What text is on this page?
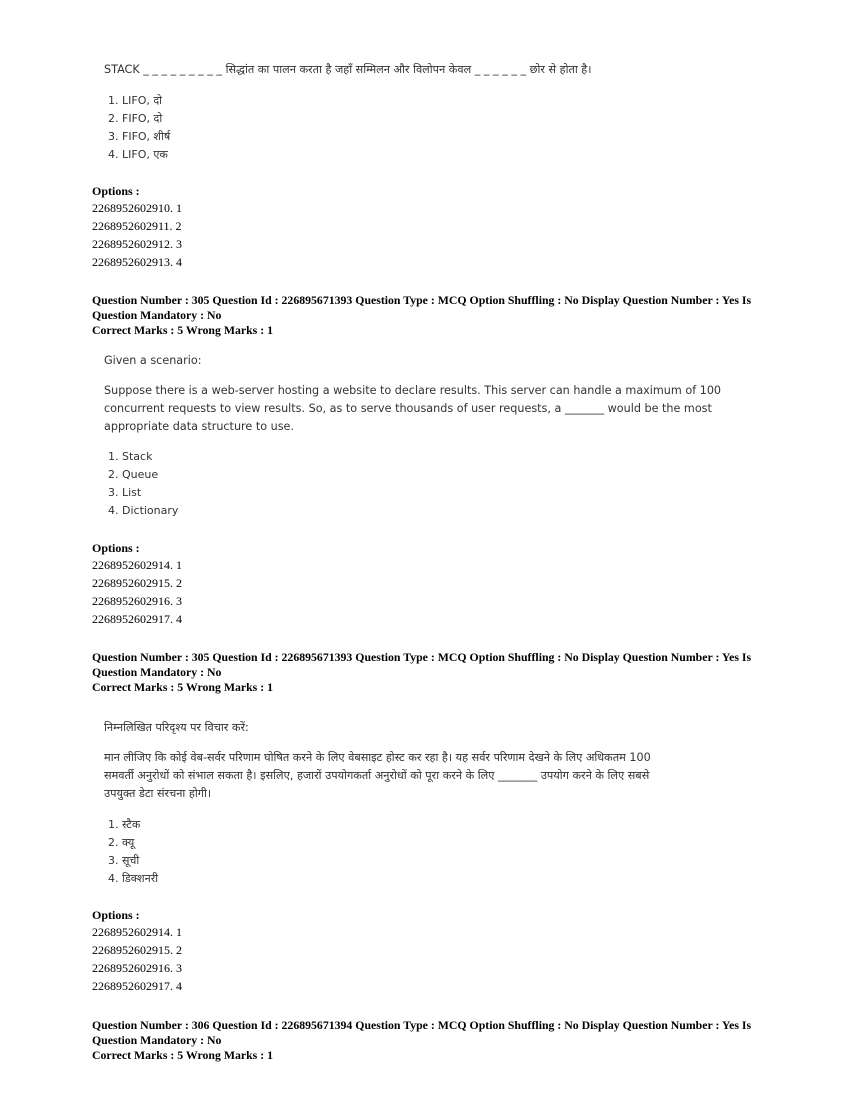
STACK _ _ _ _ _ _ _ _ _ सिद्धांत का पालन करता है जहाँ सम्मिलन और विलोपन केवल _ _ _ _ _ _ छोर से होता है।
1. LIFO, दो
2. FIFO, दो
3. FIFO, शीर्ष
4. LIFO, एक
Options :
2268952602910. 1
2268952602911. 2
2268952602912. 3
2268952602913. 4
Question Number : 305 Question Id : 226895671393 Question Type : MCQ Option Shuffling : No Display Question Number : Yes Is Question Mandatory : No
Correct Marks : 5 Wrong Marks : 1
Given a scenario:
Suppose there is a web-server hosting a website to declare results. This server can handle a maximum of 100
concurrent requests to view results. So, as to serve thousands of user requests, a _______ would be the most
appropriate data structure to use.
1. Stack
2. Queue
3. List
4. Dictionary
Options :
2268952602914. 1
2268952602915. 2
2268952602916. 3
2268952602917. 4
Question Number : 305 Question Id : 226895671393 Question Type : MCQ Option Shuffling : No Display Question Number : Yes Is Question Mandatory : No
Correct Marks : 5 Wrong Marks : 1
निम्नलिखित परिदृश्य पर विचार करें:
मान लीजिए कि कोई वेब-सर्वर परिणाम घोषित करने के लिए वेबसाइट होस्ट कर रहा है। यह सर्वर परिणाम देखने के लिए अधिकतम 100
समवर्ती अनुरोधों को संभाल सकता है। इसलिए, हजारों उपयोगकर्ता अनुरोधों को पूरा करने के लिए _______ उपयोग करने के लिए सबसे
उपयुक्त डेटा संरचना होगी।
1. स्टैक
2. क्यू
3. सूची
4. डिक्शनरी
Options :
2268952602914. 1
2268952602915. 2
2268952602916. 3
2268952602917. 4
Question Number : 306 Question Id : 226895671394 Question Type : MCQ Option Shuffling : No Display Question Number : Yes Is Question Mandatory : No
Correct Marks : 5 Wrong Marks : 1
